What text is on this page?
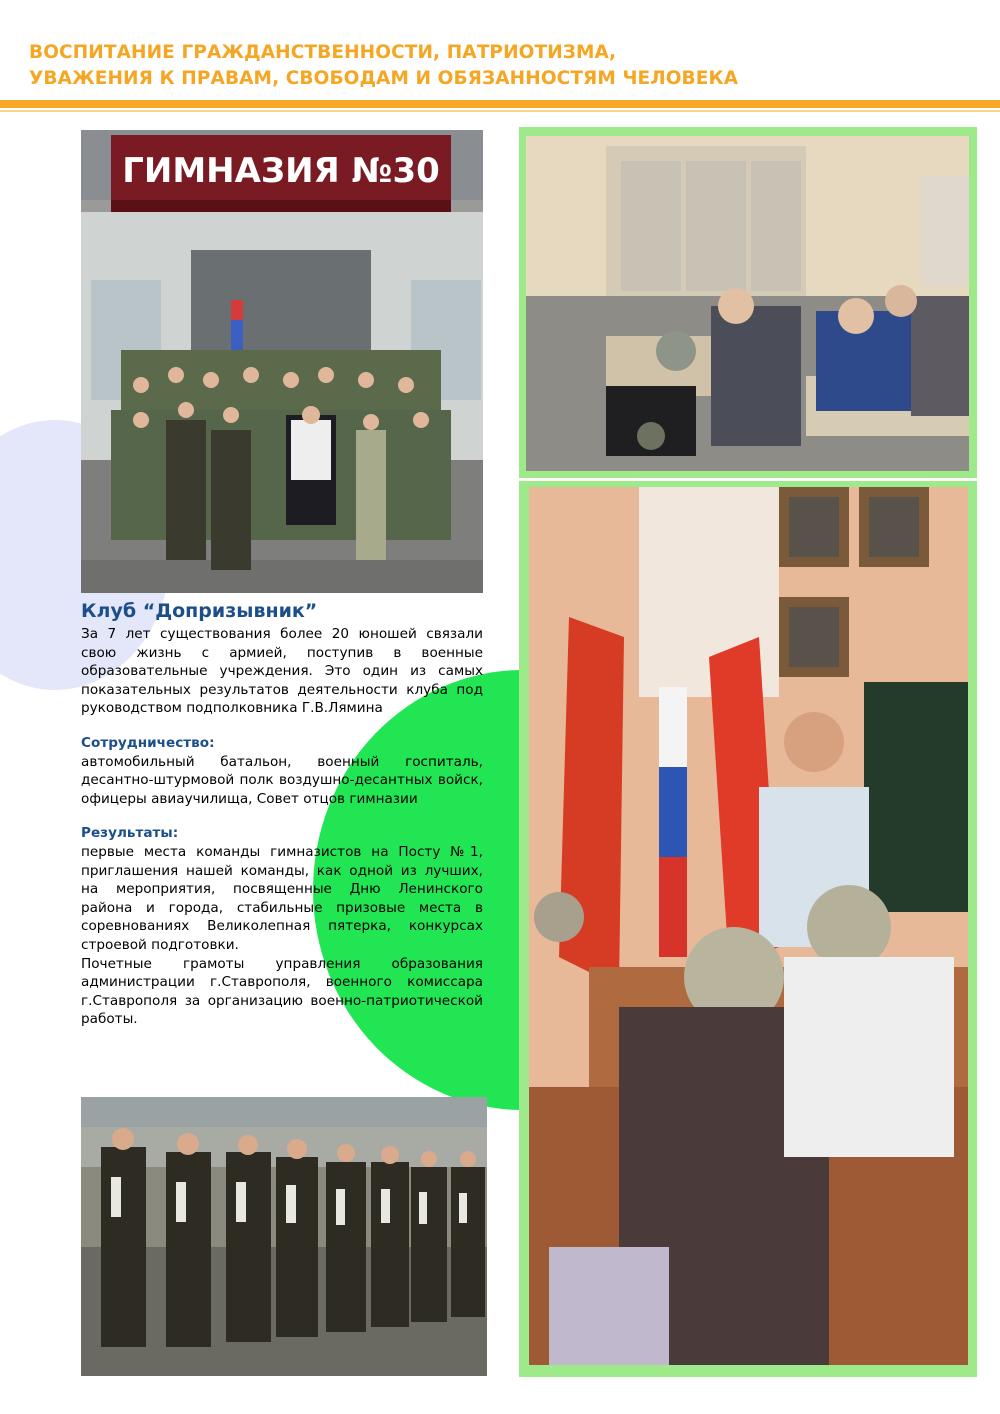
ВОСПИТАНИЕ ГРАЖДАНСТВЕННОСТИ, ПАТРИОТИЗМА,
УВАЖЕНИЯ К ПРАВАМ, СВОБОДАМ И ОБЯЗАННОСТЯМ ЧЕЛОВЕКА
ГИМНАЗИЯ №30
Клуб “Допризывник”

За 7 лет существования более 20 юношей связали свою жизнь с армией, поступив в военные образовательные учреждения. Это один из самых показательных результатов деятельности клуба под руководством подполковника Г.В.Лямина

Сотрудничество:

автомобильный батальон, военный госпиталь, десантно-штурмовой полк воздушно-десантных войск, офицеры авиаучилища, Совет отцов гимназии

Результаты:

первые места команды гимназистов на Посту №1, приглашения нашей команды, как одной из лучших, на мероприятия, посвященные Дню Ленинского района и города, стабильные призовые места в соревнованиях Великолепная пятерка, конкурсах строевой подготовки.

Почетные грамоты управления образования администрации г.Ставрополя, военного комиссара г.Ставрополя за организацию военно-патриотической работы.
